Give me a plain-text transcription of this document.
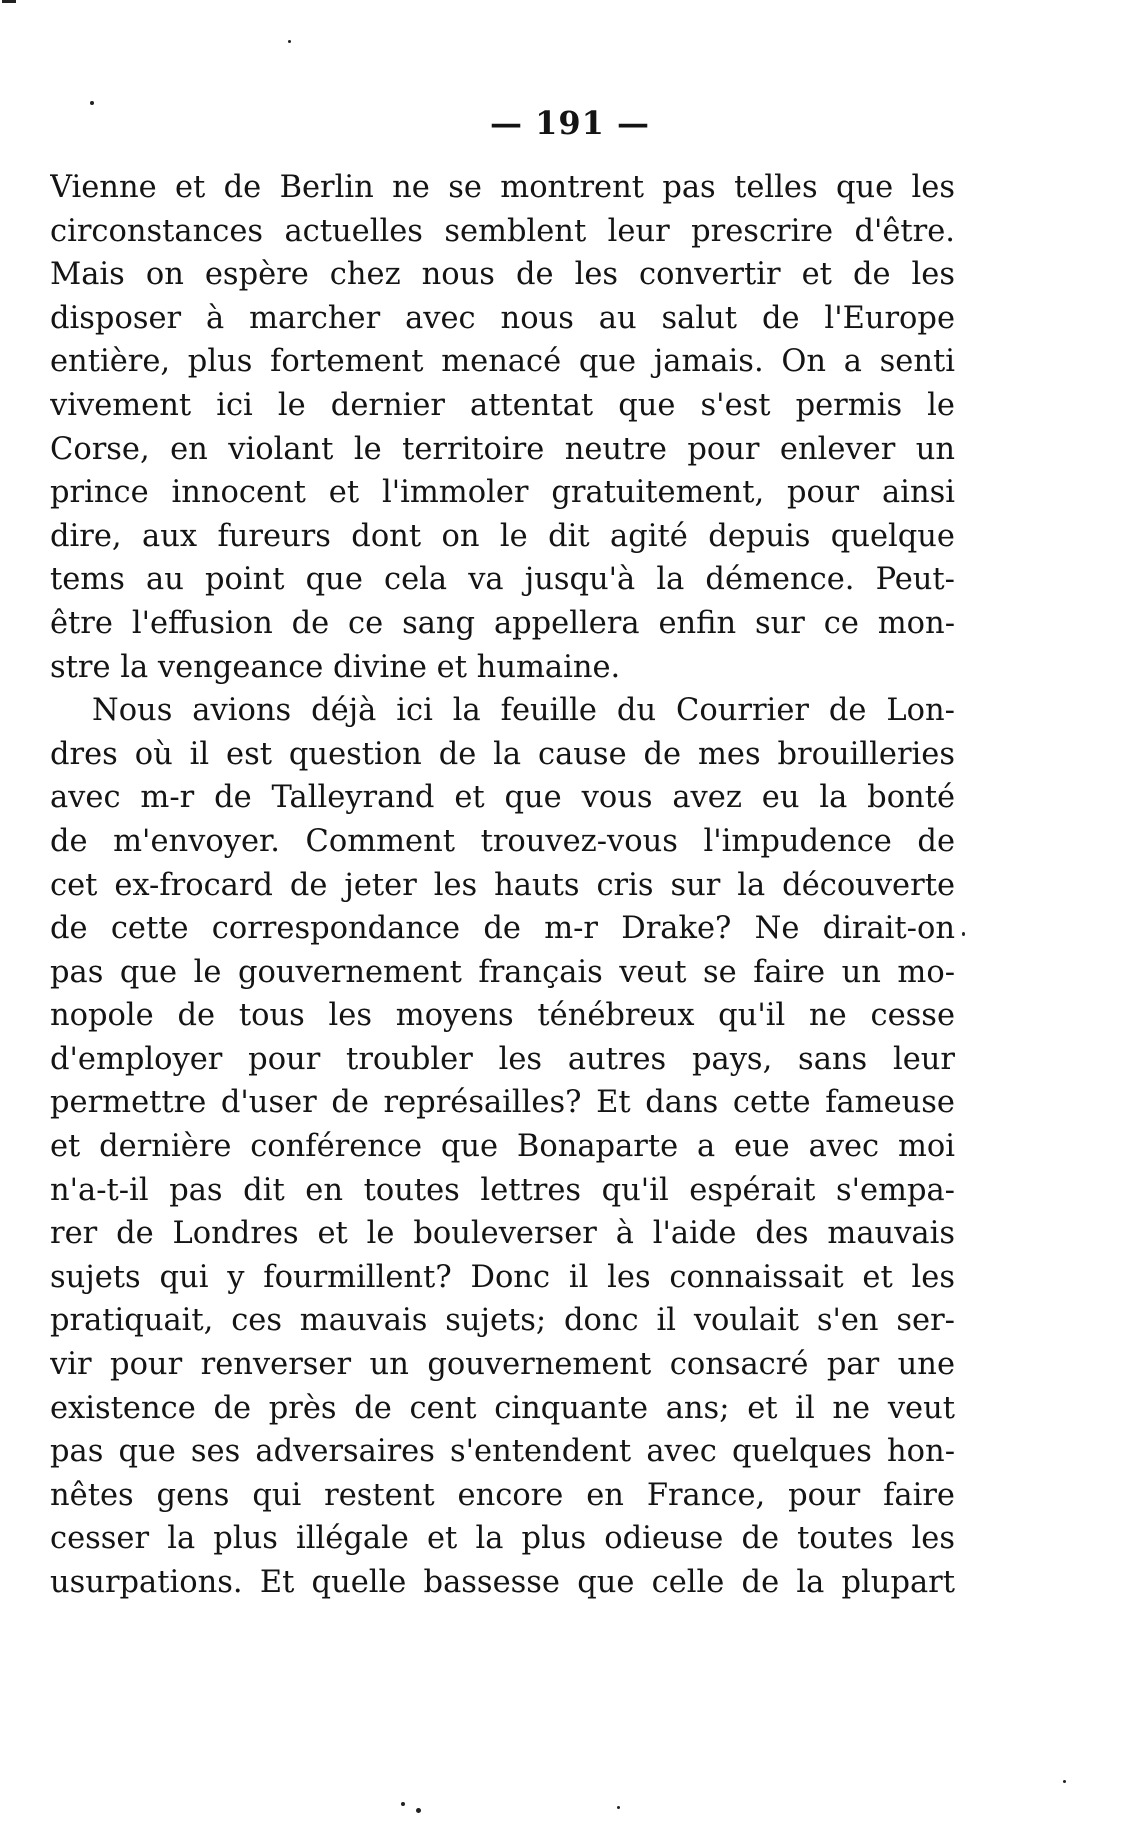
— 191 —
Vienne et de Berlin ne se montrent pas telles que les
circonstances actuelles semblent leur prescrire d'être.
Mais on espère chez nous de les convertir et de les
disposer à marcher avec nous au salut de l'Europe
entière, plus fortement menacé que jamais. On a senti
vivement ici le dernier attentat que s'est permis le
Corse, en violant le territoire neutre pour enlever un
prince innocent et l'immoler gratuitement, pour ainsi
dire, aux fureurs dont on le dit agité depuis quelque
tems au point que cela va jusqu'à la démence. Peut-
être l'effusion de ce sang appellera enfin sur ce mon-
stre la vengeance divine et humaine.
Nous avions déjà ici la feuille du Courrier de Lon-
dres où il est question de la cause de mes brouilleries
avec m-r de Talleyrand et que vous avez eu la bonté
de m'envoyer. Comment trouvez-vous l'impudence de
cet ex-frocard de jeter les hauts cris sur la découverte
de cette correspondance de m-r Drake? Ne dirait-on
pas que le gouvernement français veut se faire un mo-
nopole de tous les moyens ténébreux qu'il ne cesse
d'employer pour troubler les autres pays, sans leur
permettre d'user de représailles? Et dans cette fameuse
et dernière conférence que Bonaparte a eue avec moi
n'a-t-il pas dit en toutes lettres qu'il espérait s'empa-
rer de Londres et le bouleverser à l'aide des mauvais
sujets qui y fourmillent? Donc il les connaissait et les
pratiquait, ces mauvais sujets; donc il voulait s'en ser-
vir pour renverser un gouvernement consacré par une
existence de près de cent cinquante ans; et il ne veut
pas que ses adversaires s'entendent avec quelques hon-
nêtes gens qui restent encore en France, pour faire
cesser la plus illégale et la plus odieuse de toutes les
usurpations. Et quelle bassesse que celle de la plupart
